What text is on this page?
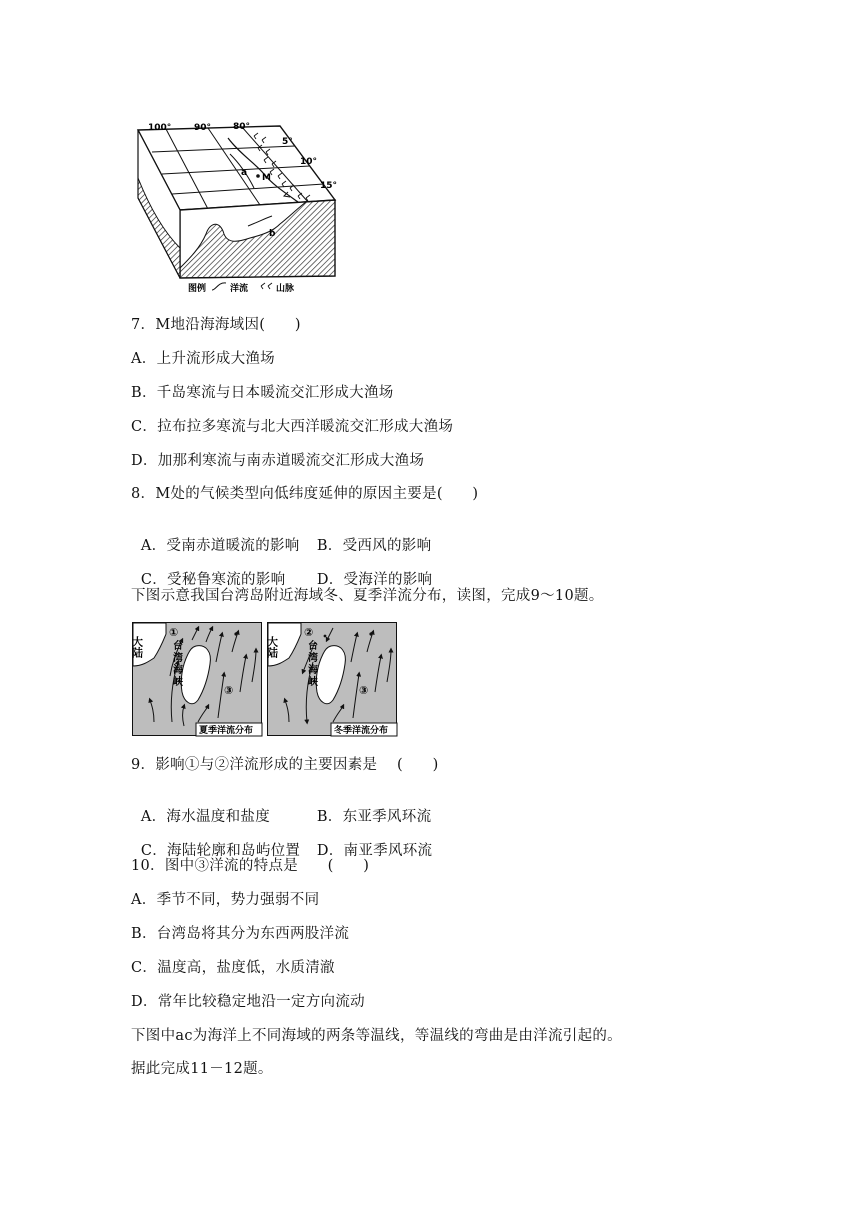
100°	90° 80°
5°
10°
15°
a M
b
图例	洋流	山脉
7．M地沿海海域因(　　)
A．上升流形成大渔场
B．千岛寒流与日本暖流交汇形成大渔场
C．拉布拉多寒流与北大西洋暖流交汇形成大渔场
D．加那利寒流与南赤道暖流交汇形成大渔场
8．M处的气候类型向低纬度延伸的原因主要是(　　)

A．受南赤道暖流的影响 B．受西风的影响

C．受秘鲁寒流的影响 D．受海洋的影响

下图示意我国台湾岛附近海域冬、夏季洋流分布，读图，完成9～10题。
大陆
①
台湾海峡
③
夏季洋流分布
大陆
②
台湾海峡
③
冬季洋流分布
9．影响①与②洋流形成的主要因素是　 (　　)

A．海水温度和盐度	B．东亚季风环流

C．海陆轮廓和岛屿位置 D．南亚季风环流

10．图中③洋流的特点是　　(　　)
A．季节不同，势力强弱不同
B．台湾岛将其分为东西两股洋流
C．温度高，盐度低，水质清澈
D．常年比较稳定地沿一定方向流动
下图中ac为海洋上不同海域的两条等温线，等温线的弯曲是由洋流引起的。
据此完成11－12题。
